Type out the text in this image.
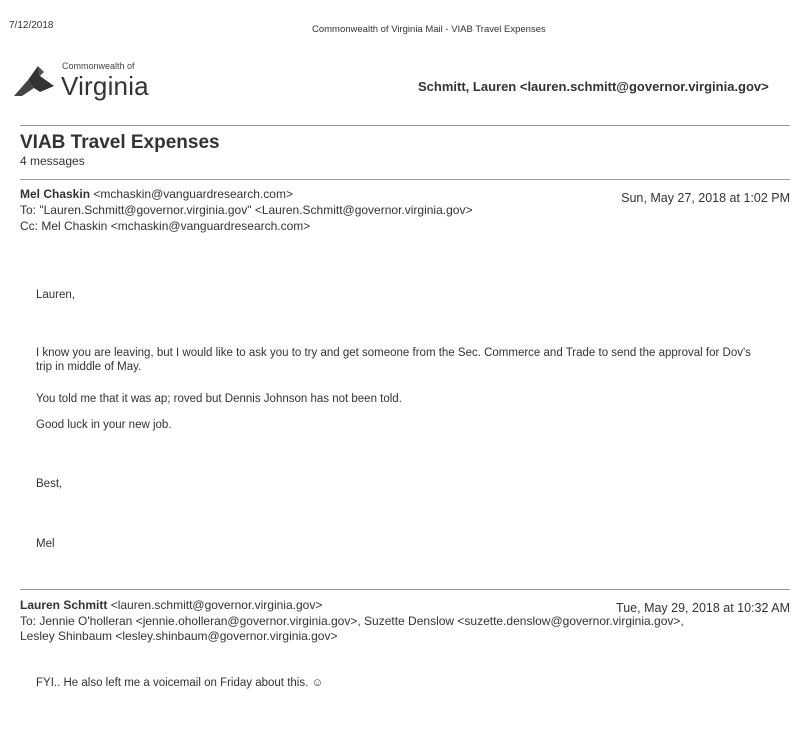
7/12/2018	Commonwealth of Virginia Mail - VIAB Travel Expenses
Commonwealth of
Virginia	Schmitt, Lauren <lauren.schmitt@governor.virginia.gov>
VIAB Travel Expenses
4 messages
Mel Chaskin <mchaskin@vanguardresearch.com>	Sun, May 27, 2018 at 1:02 PM
To: "Lauren.Schmitt@governor.virginia.gov" <Lauren.Schmitt@governor.virginia.gov>
Cc: Mel Chaskin <mchaskin@vanguardresearch.com>
Lauren,
I know you are leaving, but I would like to ask you to try and get someone from the Sec. Commerce and Trade to send the approval for Dov's trip in middle of May.
You told me that it was ap; roved but Dennis Johnson has not been told.
Good luck in your new job.
Best,
Mel
Lauren Schmitt <lauren.schmitt@governor.virginia.gov>	Tue, May 29, 2018 at 10:32 AM
To: Jennie O'holleran <jennie.oholleran@governor.virginia.gov>, Suzette Denslow <suzette.denslow@governor.virginia.gov>,
Lesley Shinbaum <lesley.shinbaum@governor.virginia.gov>
FYI.. He also left me a voicemail on Friday about this. ☺
